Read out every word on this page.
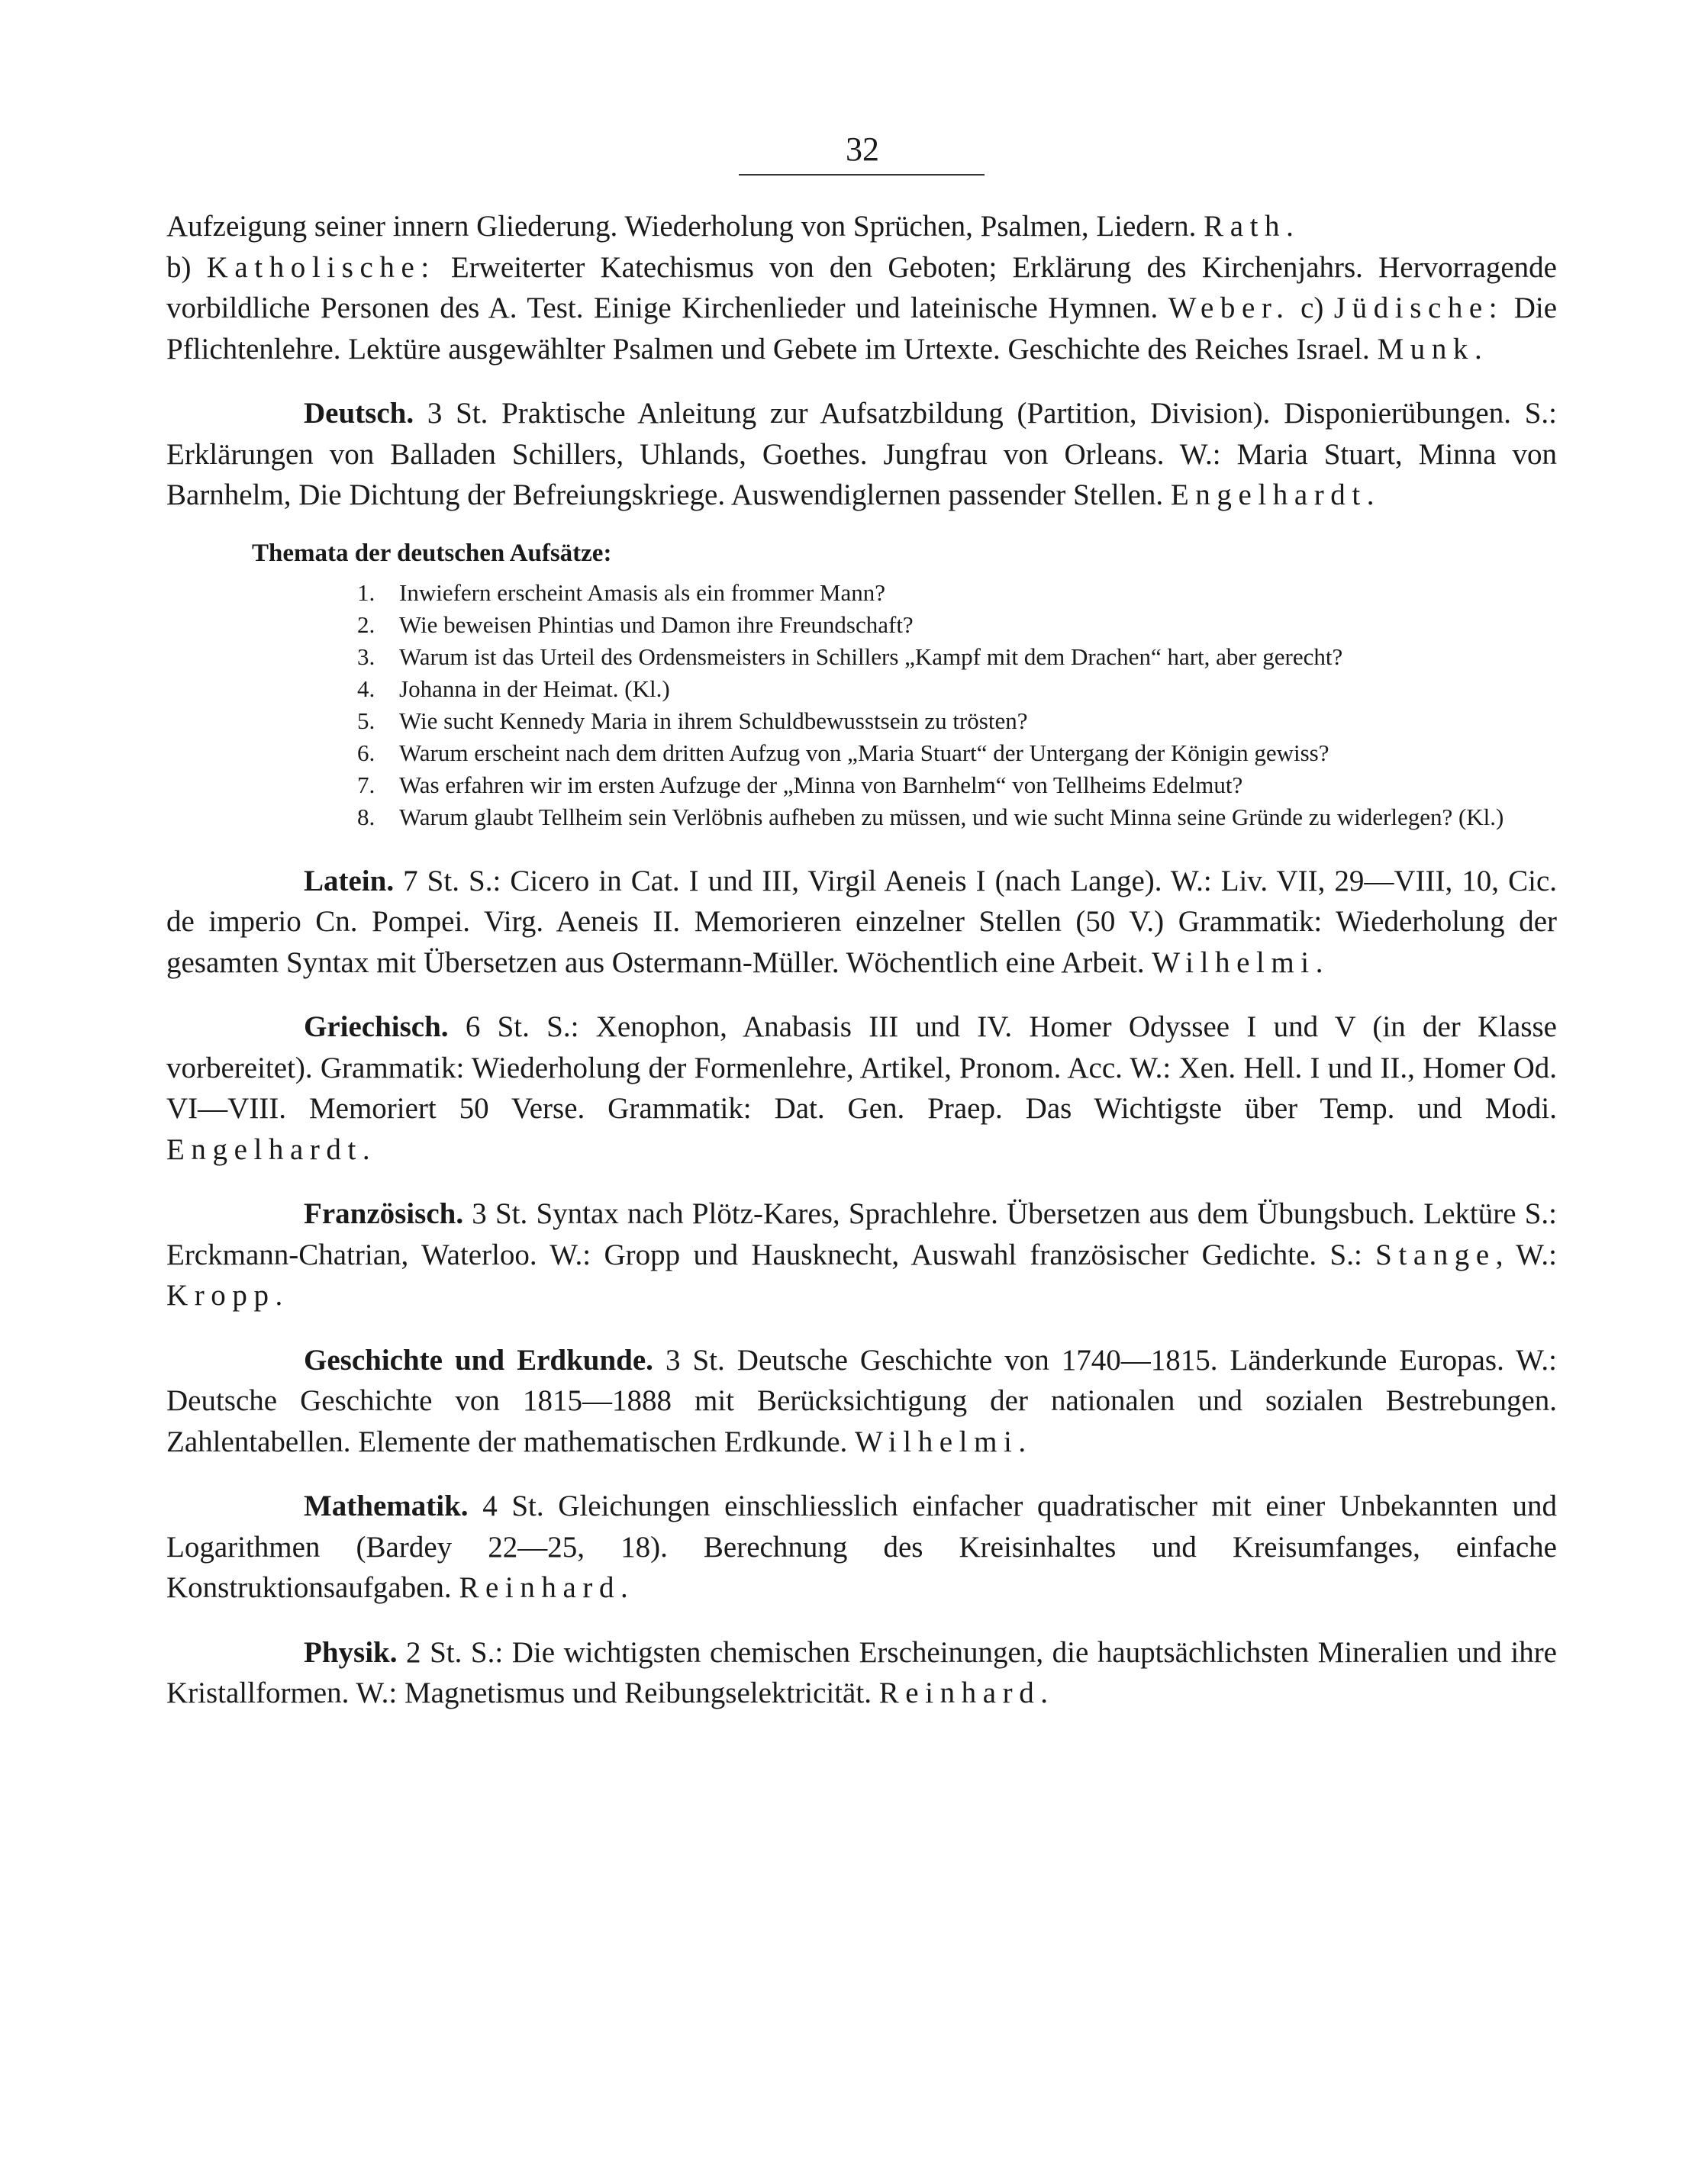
32

Aufzeigung seiner innern Gliederung. Wiederholung von Sprüchen, Psalmen, Liedern. Rath.
b) Katholische: Erweiterter Katechismus von den Geboten; Erklärung des Kirchenjahrs. Hervorragende vorbildliche Personen des A. Test. Einige Kirchenlieder und lateinische Hymnen. Weber. c) Jüdische: Die Pflichtenlehre. Lektüre ausgewählter Psalmen und Gebete im Urtexte. Geschichte des Reiches Israel. Munk.

Deutsch. 3 St. Praktische Anleitung zur Aufsatzbildung (Partition, Division). Disponierübungen. S.: Erklärungen von Balladen Schillers, Uhlands, Goethes. Jungfrau von Orleans. W.: Maria Stuart, Minna von Barnhelm, Die Dichtung der Befreiungskriege. Auswendiglernen passender Stellen. Engelhardt.

Themata der deutschen Aufsätze:
1. Inwiefern erscheint Amasis als ein frommer Mann?
2. Wie beweisen Phintias und Damon ihre Freundschaft?
3. Warum ist das Urteil des Ordensmeisters in Schillers „Kampf mit dem Drachen“ hart, aber gerecht?
4. Johanna in der Heimat. (Kl.)
5. Wie sucht Kennedy Maria in ihrem Schuldbewusstsein zu trösten?
6. Warum erscheint nach dem dritten Aufzug von „Maria Stuart“ der Untergang der Königin gewiss?
7. Was erfahren wir im ersten Aufzuge der „Minna von Barnhelm“ von Tellheims Edelmut?
8. Warum glaubt Tellheim sein Verlöbnis aufheben zu müssen, und wie sucht Minna seine Gründe zu widerlegen? (Kl.)

Latein. 7 St. S.: Cicero in Cat. I und III, Virgil Aeneis I (nach Lange). W.: Liv. VII, 29—VIII, 10, Cic. de imperio Cn. Pompei. Virg. Aeneis II. Memorieren einzelner Stellen (50 V.) Grammatik: Wiederholung der gesamten Syntax mit Übersetzen aus Ostermann-Müller. Wöchentlich eine Arbeit. Wilhelmi.

Griechisch. 6 St. S.: Xenophon, Anabasis III und IV. Homer Odyssee I und V (in der Klasse vorbereitet). Grammatik: Wiederholung der Formenlehre, Artikel, Pronom. Acc. W.: Xen. Hell. I und II., Homer Od. VI—VIII. Memoriert 50 Verse. Grammatik: Dat. Gen. Praep. Das Wichtigste über Temp. und Modi. Engelhardt.

Französisch. 3 St. Syntax nach Plötz-Kares, Sprachlehre. Übersetzen aus dem Übungsbuch. Lektüre S.: Erckmann-Chatrian, Waterloo. W.: Gropp und Hausknecht, Auswahl französischer Gedichte. S.: Stange, W.: Kropp.

Geschichte und Erdkunde. 3 St. Deutsche Geschichte von 1740—1815. Länderkunde Europas. W.: Deutsche Geschichte von 1815—1888 mit Berücksichtigung der nationalen und sozialen Bestrebungen. Zahlentabellen. Elemente der mathematischen Erdkunde. Wilhelmi.

Mathematik. 4 St. Gleichungen einschliesslich einfacher quadratischer mit einer Unbekannten und Logarithmen (Bardey 22—25, 18). Berechnung des Kreisinhaltes und Kreisumfanges, einfache Konstruktionsaufgaben. Reinhard.

Physik. 2 St. S.: Die wichtigsten chemischen Erscheinungen, die hauptsächlichsten Mineralien und ihre Kristallformen. W.: Magnetismus und Reibungselektricität. Reinhard.
